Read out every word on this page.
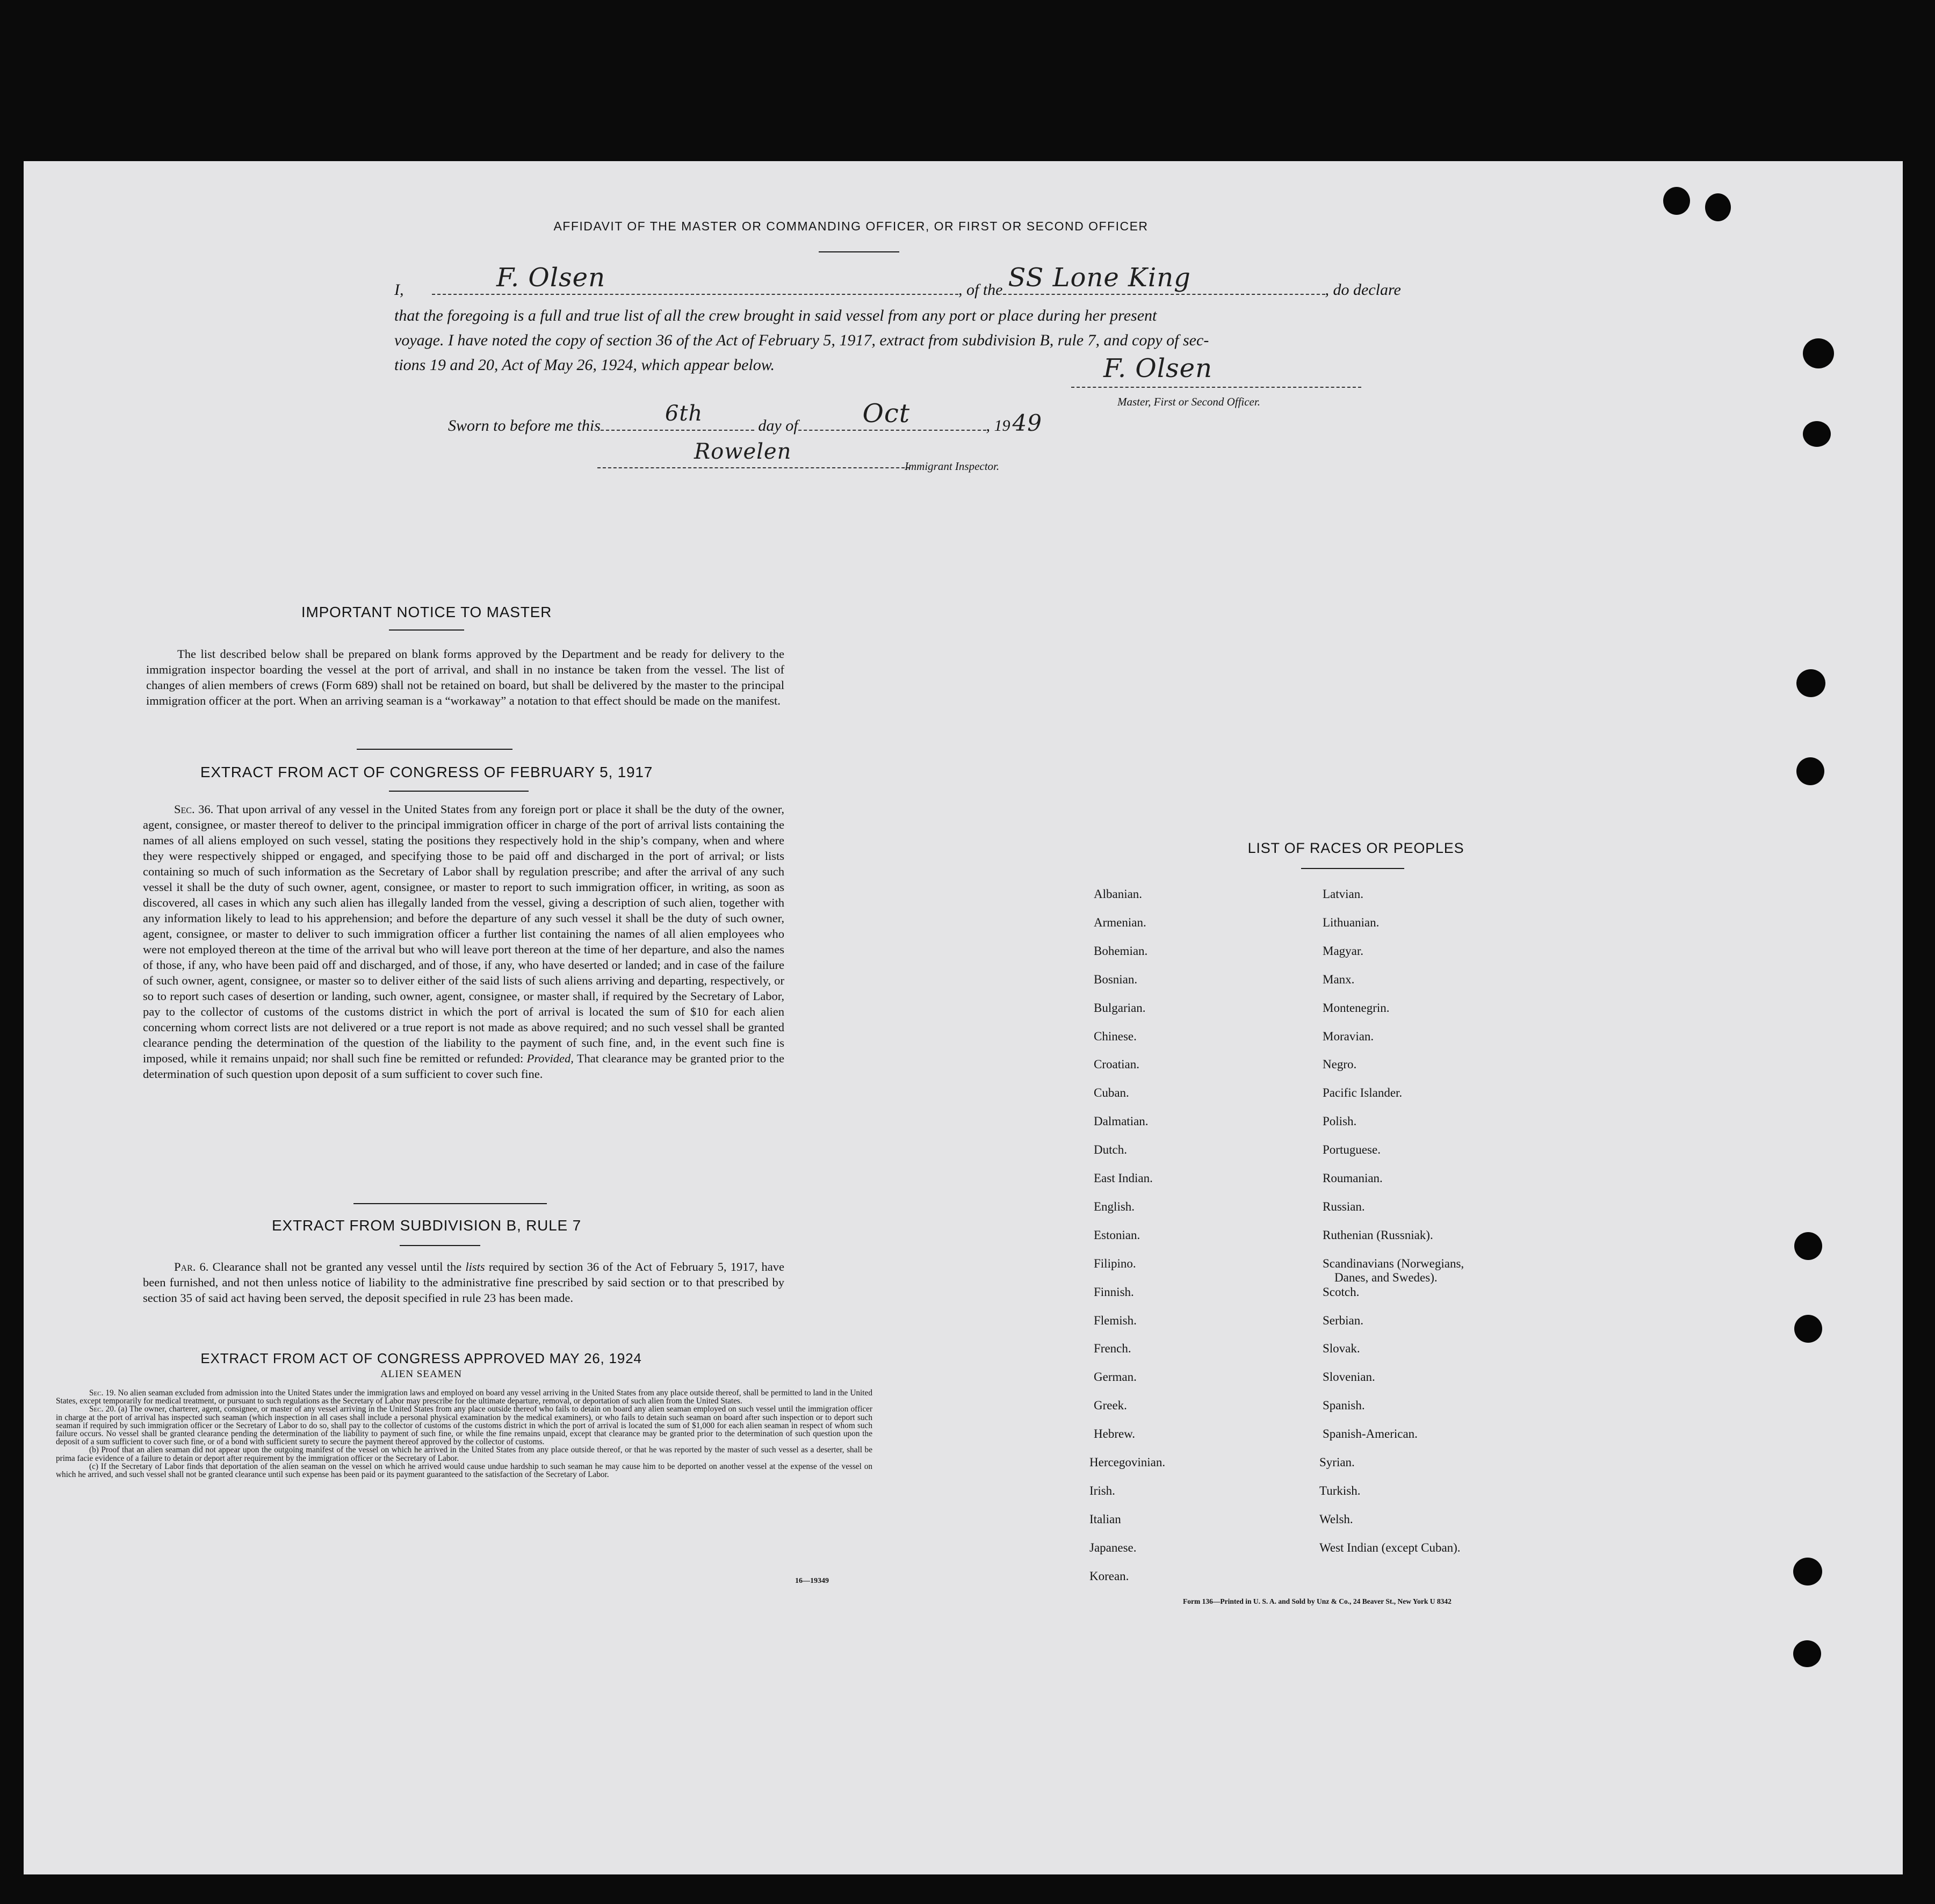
AFFIDAVIT OF THE MASTER OR COMMANDING OFFICER, OR FIRST OR SECOND OFFICER
I,	F. Olsen	, of the SS Lone King	, do declare
that the foregoing is a full and true list of all the crew brought in said vessel from any port or place during her present
voyage. I have noted the copy of section 36 of the Act of February 5, 1917, extract from subdivision B, rule 7, and copy of sec-
tions 19 and 20, Act of May 26, 1924, which appear below.	F. Olsen
Master, First or Second Officer.
Sworn to before me this	6th	day of	Oct	, 1949
Rowelen
Immigrant Inspector.
IMPORTANT NOTICE TO MASTER
The list described below shall be prepared on blank forms approved by the Department and be ready for delivery to the immigration inspector boarding the vessel at the port of arrival, and shall in no instance be taken from the vessel. The list of changes of alien members of crews (Form 689) shall not be retained on board, but shall be delivered by the master to the principal immigration officer at the port. When an arriving seaman is a “workaway” a notation to that effect should be made on the manifest.
EXTRACT FROM ACT OF CONGRESS OF FEBRUARY 5, 1917
Sec. 36. That upon arrival of any vessel in the United States from any foreign port or place it shall be the duty of the owner, agent, consignee, or master thereof to deliver to the principal immigration officer in charge of the port of arrival lists containing the names of all aliens employed on such vessel, stating the positions they respectively hold in the ship’s company, when and where they were respectively shipped or engaged, and specifying those to be paid off and discharged in the port of arrival; or lists containing so much of such information as the Secretary of Labor shall by regulation prescribe; and after the arrival of any such vessel it shall be the duty of such owner, agent, consignee, or master to report to such immigration officer, in writing, as soon as discovered, all cases in which any such alien has illegally landed from the vessel, giving a description of such alien, together with any information likely to lead to his apprehension; and before the departure of any such vessel it shall be the duty of such owner, agent, consignee, or master to deliver to such immigration officer a further list containing the names of all alien employees who were not employed thereon at the time of the arrival but who will leave port thereon at the time of her departure, and also the names of those, if any, who have been paid off and discharged, and of those, if any, who have deserted or landed; and in case of the failure of such owner, agent, consignee, or master so to deliver either of the said lists of such aliens arriving and departing, respectively, or so to report such cases of desertion or landing, such owner, agent, consignee, or master shall, if required by the Secretary of Labor, pay to the collector of customs of the customs district in which the port of arrival is located the sum of $10 for each alien concerning whom correct lists are not delivered or a true report is not made as above required; and no such vessel shall be granted clearance pending the determination of the question of the liability to the payment of such fine, and, in the event such fine is imposed, while it remains unpaid; nor shall such fine be remitted or refunded: Provided, That clearance may be granted prior to the determination of such question upon deposit of a sum sufficient to cover such fine.
EXTRACT FROM SUBDIVISION B, RULE 7
Par. 6. Clearance shall not be granted any vessel until the lists required by section 36 of the Act of February 5, 1917, have been furnished, and not then unless notice of liability to the administrative fine prescribed by said section or to that prescribed by section 35 of said act having been served, the deposit specified in rule 23 has been made.
EXTRACT FROM ACT OF CONGRESS APPROVED MAY 26, 1924
ALIEN SEAMEN

Sec. 19. No alien seaman excluded from admission into the United States under the immigration laws and employed on board any vessel arriving in the United States from any place outside thereof, shall be permitted to land in the United States, except temporarily for medical treatment, or pursuant to such regulations as the Secretary of Labor may prescribe for the ultimate departure, removal, or deportation of such alien from the United States.

Sec. 20. (a) The owner, charterer, agent, consignee, or master of any vessel arriving in the United States from any place outside thereof who fails to detain on board any alien seaman employed on such vessel until the immigration officer in charge at the port of arrival has inspected such seaman (which inspection in all cases shall include a personal physical examination by the medical examiners), or who fails to detain such seaman on board after such inspection or to deport such seaman if required by such immigration officer or the Secretary of Labor to do so, shall pay to the collector of customs of the customs district in which the port of arrival is located the sum of $1,000 for each alien seaman in respect of whom such failure occurs. No vessel shall be granted clearance pending the determination of the liability to payment of such fine, or while the fine remains unpaid, except that clearance may be granted prior to the determination of such question upon the deposit of a sum sufficient to cover such fine, or of a bond with sufficient surety to secure the payment thereof approved by the collector of customs.

(b) Proof that an alien seaman did not appear upon the outgoing manifest of the vessel on which he arrived in the United States from any place outside thereof, or that he was reported by the master of such vessel as a deserter, shall be prima facie evidence of a failure to detain or deport after requirement by the immigration officer or the Secretary of Labor.

(c) If the Secretary of Labor finds that deportation of the alien seaman on the vessel on which he arrived would cause undue hardship to such seaman he may cause him to be deported on another vessel at the expense of the vessel on which he arrived, and such vessel shall not be granted clearance until such expense has been paid or its payment guaranteed to the satisfaction of the Secretary of Labor.

16—19349
LIST OF RACES OR PEOPLES
Form 136—Printed in U. S. A. and Sold by Unz & Co., 24 Beaver St., New York U 8342
Albanian.
Armenian.
Bohemian.
Bosnian.
Bulgarian.
Chinese.
Croatian.
Cuban.
Dalmatian.
Dutch.
East Indian.
English.
Estonian.
Filipino.
Finnish.
Flemish.
French.
German.
Greek.
Hebrew.
Hercegovinian.
Irish.
Italian
Japanese.
Korean.
Latvian.
Lithuanian.
Magyar.
Manx.
Montenegrin.
Moravian.
Negro.
Pacific Islander.
Polish.
Portuguese.
Roumanian.
Russian.
Ruthenian (Russniak).
Scandinavians (Norwegians,
Danes, and Swedes).
Scotch.
Serbian.
Slovak.
Slovenian.
Spanish.
Spanish-American.
Syrian.
Turkish.
Welsh.
West Indian (except Cuban).
